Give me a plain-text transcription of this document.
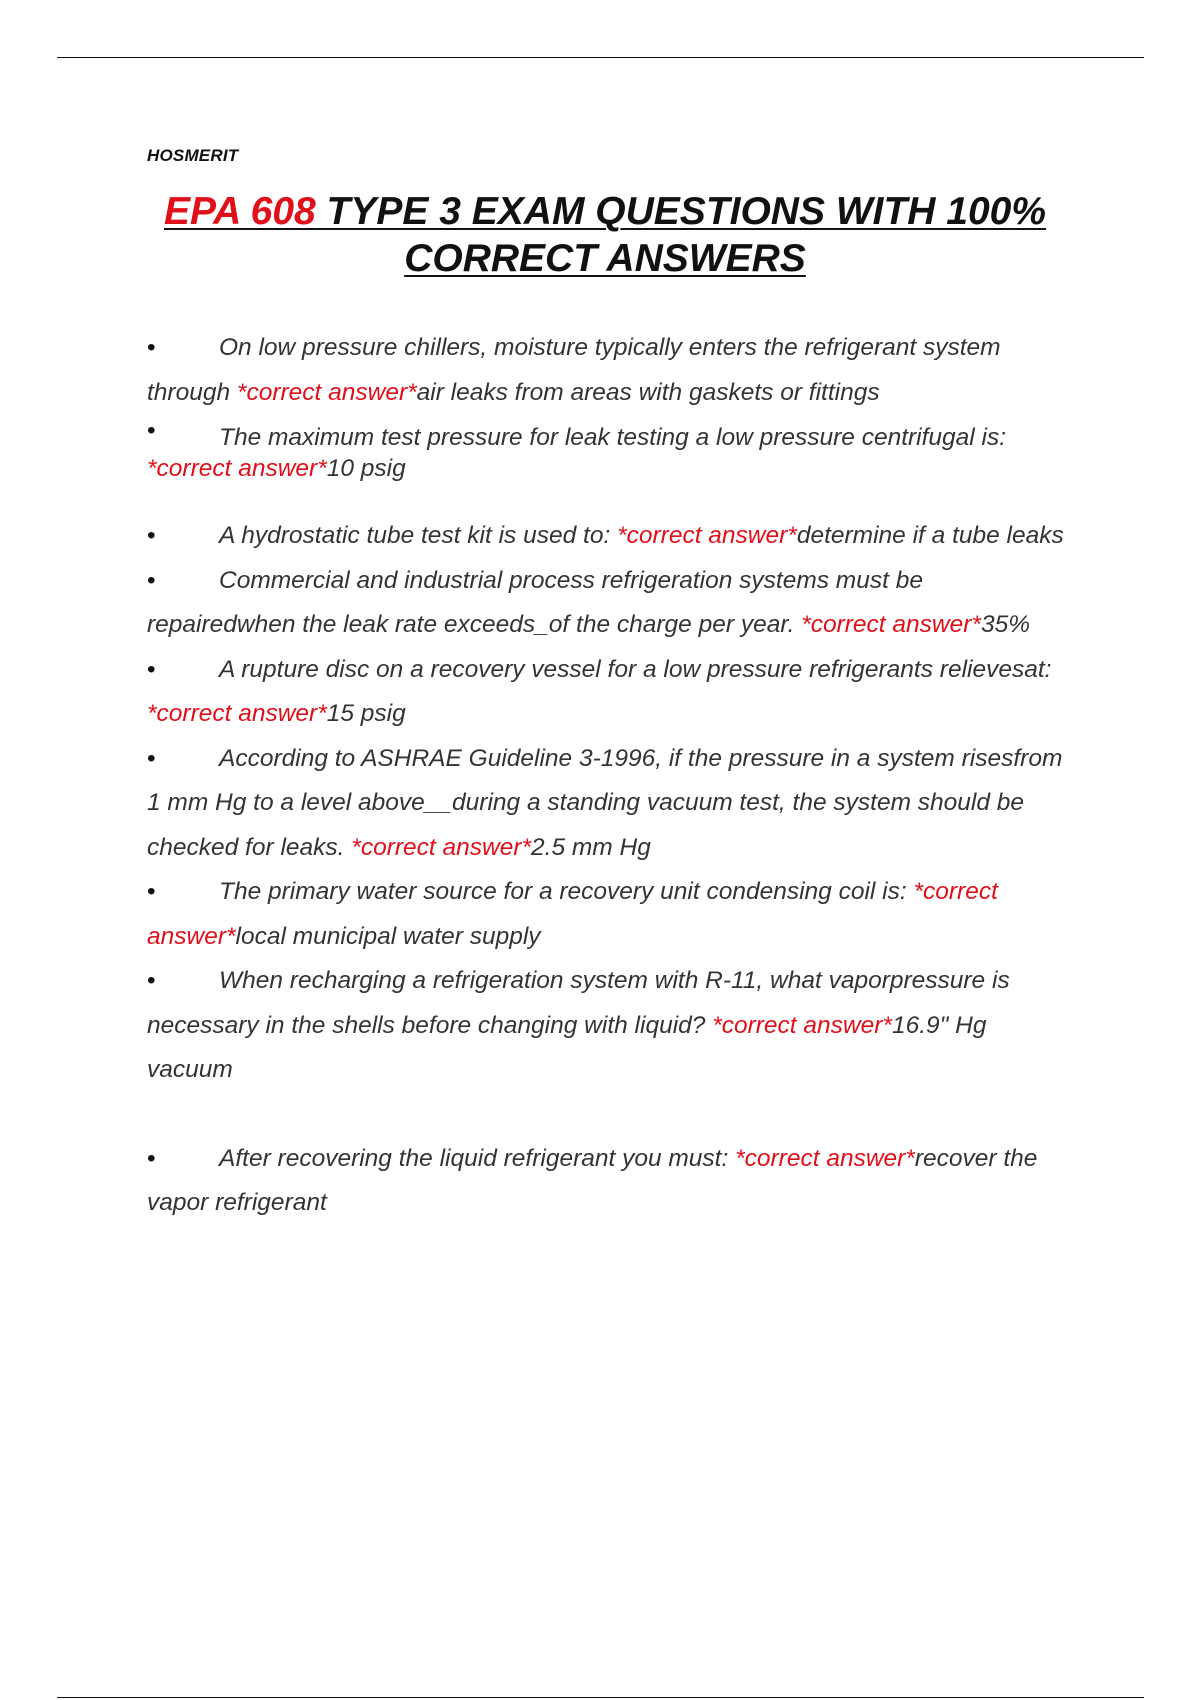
HOSMERIT
EPA 608 TYPE 3 EXAM QUESTIONS WITH 100% CORRECT ANSWERS
•	On low pressure chillers, moisture typically enters the refrigerant system through *correct answer*air leaks from areas with gaskets or fittings
•	The maximum test pressure for leak testing a low pressure centrifugal is: *correct answer*10 psig
•	A hydrostatic tube test kit is used to: *correct answer*determine if a tube leaks
•	Commercial and industrial process refrigeration systems must be repairedwhen the leak rate exceeds_of the charge per year. *correct answer*35%
•	A rupture disc on a recovery vessel for a low pressure refrigerants relievesat: *correct answer*15 psig
•	According to ASHRAE Guideline 3-1996, if the pressure in a system risesfrom 1 mm Hg to a level above__during a standing vacuum test, the system should be checked for leaks. *correct answer*2.5 mm Hg
•	The primary water source for a recovery unit condensing coil is: *correct answer*local municipal water supply
•	When recharging a refrigeration system with R-11, what vaporpressure is necessary in the shells before changing with liquid? *correct answer*16.9" Hg vacuum
•	After recovering the liquid refrigerant you must: *correct answer*recover the vapor refrigerant
